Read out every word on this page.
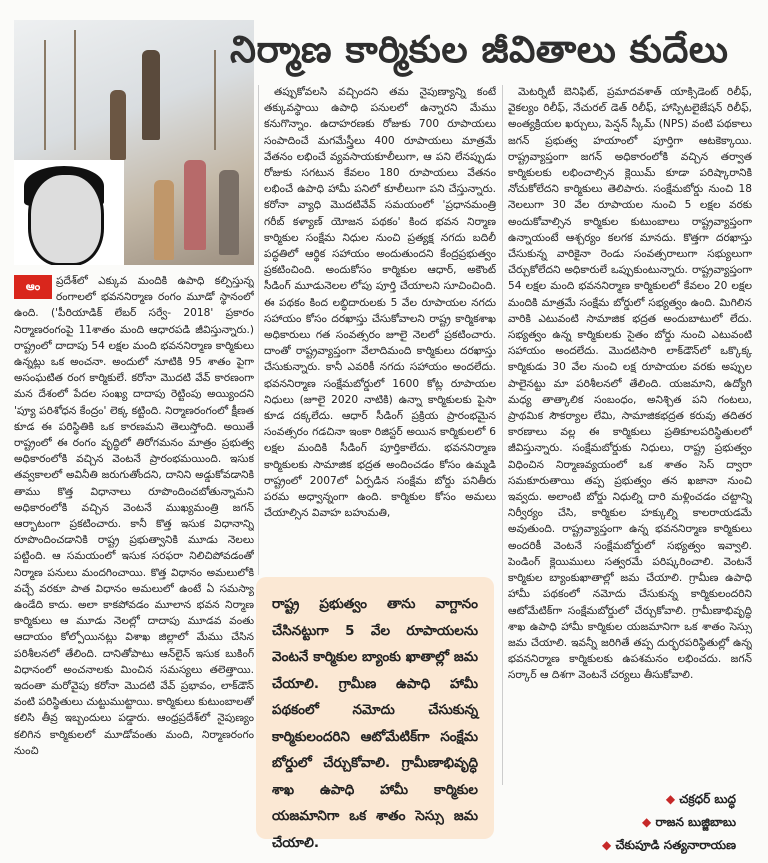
నిర్మాణ కార్మికుల జీవితాలు కుదేలు
ఆం	ప్రదేశ్‌లో ఎక్కువ మందికి ఉపాధి కల్పిస్తున్న రంగాలలో భవననిర్మాణ రంగం మూడో స్థానంలో ఉంది. ('పీరియాడిక్ లేబర్ సర్వే- 2018' ప్రకారం నిర్మాణరంగంపై 11శాతం మంది ఆధారపడి జీవిస్తున్నారు.) రాష్ట్రంలో దాదాపు 54 లక్షల మంది భవననిర్మాణ కార్మికులు ఉన్నట్లు ఒక అంచనా. అందులో నూటికి 95 శాతం పైగా అసంఘటిత రంగ కార్మికులే. కరోనా మొదటి వేవ్ కారణంగా మన దేశంలో పేదల సంఖ్య దాదాపు రెట్టింపు అయ్యిందని 'ప్యూ పరిశోధన కేంద్రం' లెక్క కట్టింది. నిర్మాణరంగంలో క్షీణత కూడ ఈ పరిస్థితికి ఒక కారణమని తెలుస్తోంది. అయితే రాష్ట్రంలో ఈ రంగం వృద్ధిలో తిరోగమనం మాత్రం ప్రభుత్వ అధికారంలోకి వచ్చిన వెంటనే ప్రారంభమయింది. ఇసుక తవ్వకాలలో అవినీతి జరుగుతోందని, దానిని అడ్డుకోవడానికి తాము కొత్త విధానాలు రూపొందించబోతున్నామని అధికారంలోకి వచ్చిన వెంటనే ముఖ్యమంత్రి జగన్ ఆర్భాటంగా ప్రకటించారు. కానీ కొత్త ఇసుక విధానాన్ని రూపొందించడానికి రాష్ట్ర ప్రభుత్వానికి మూడు నెలలు పట్టింది. ఆ సమయంలో ఇసుక సరఫరా నిలిచిపోవడంతో నిర్మాణ పనులు మందగించాయి. కొత్త విధానం అమలులోకి వచ్చే వరకూ పాత విధానం అమలులో ఉంటే ఏ సమస్యా ఉండేది కాదు. అలా కాకపోవడం మూలాన భవన నిర్మాణ కార్మికులు ఆ మూడు నెలల్లో దాదాపు మూడవ వంతు ఆదాయం కోల్పోయినట్లు విశాఖ జిల్లాలో మేము చేసిన పరిశీలనలో తేలింది. దానితోపాటు ఆన్‌లైన్ ఇసుక బుకింగ్ విధానంలో అంచనాలకు మించిన సమస్యలు తలెత్తాయి. ఇదంతా మరోవైపు కరోనా మొదటి వేవ్ ప్రభావం, లాక్‌డౌన్ వంటి పరిస్థితులు చుట్టుముట్టాయి. కార్మికులు కుటుంబాలతో కలిసి తీవ్ర ఇబ్బందులు పడ్డారు. ఆంధ్రప్రదేశ్‌లో నైపుణ్యం కలిగిన కార్మికులలో మూడోవంతు మంది, నిర్మాణరంగం నుంచి

తప్పుకోవలసి వచ్చిందని తమ నైపుణ్యాన్ని కంటే తక్కువస్థాయి ఉపాధి పనులలో ఉన్నారని మేము కనుగొన్నాం. ఉదాహరణకు రోజుకు 700 రూపాయలు సంపాదించే మగమేస్త్రీలు 400 రూపాయలు మాత్రమే వేతనం లభించే వ్యవసాయకూలీలుగా, ఆ పని లేనప్పుడు రోజుకు సగటున కేవలం 180 రూపాయలు వేతనం లభించే ఉపాధి హామీ పనిలో కూలీలుగా పని చేస్తున్నారు. కరోనా వ్యాధి మొదటివేవ్ సమయంలో 'ప్రధానమంత్రి గరీబ్ కళ్యాణ్ యోజన పథకం' కింద భవన నిర్మాణ కార్మికుల సంక్షేమ నిధుల నుంచి ప్రత్యక్ష నగదు బదిలీ పద్ధతిలో ఆర్థిక సహాయం అందుతుందని కేంద్రప్రభుత్వం ప్రకటించింది. అందుకోసం కార్మికుల ఆధార్, అకౌంట్ సీడింగ్ మూడునెలల లోపు పూర్తి చేయాలని సూచించింది. ఈ పథకం కింద లబ్ధిదారులకు 5 వేల రూపాయల నగదు సహాయం కోసం దరఖాస్తు చేసుకోవాలని రాష్ట్ర కార్మికశాఖ అధికారులు గత సంవత్సరం జూలై నెలలో ప్రకటించారు. దాంతో రాష్ట్రవ్యాప్తంగా వేలాదిమంది కార్మికులు దరఖాస్తు చేసుకున్నారు. కానీ ఎవరికీ నగదు సహాయం అందలేదు. భవననిర్మాణ సంక్షేమబోర్డులో 1600 కోట్ల రూపాయల నిధులు (జూలై 2020 నాటికి) ఉన్నా కార్మికులకు పైసా కూడ దక్కలేదు. ఆధార్ సీడింగ్ ప్రక్రియ ప్రారంభమైన సంవత్సరం గడచినా ఇంకా రిజిస్టర్ అయిన కార్మికులలో 6 లక్షల మందికి సీడింగ్ పూర్తికాలేదు. భవననిర్మాణ కార్మికులకు సామాజిక భద్రత అందించడం కోసం ఉమ్మడి రాష్ట్రంలో 2007లో ఏర్పడిన సంక్షేమ బోర్డు పనితీరు పరమ అధ్వాన్నంగా ఉంది. కార్మికుల కోసం అమలు చేయాల్సిన వివాహ బహుమతి,

మెటర్నిటీ బెనిఫిట్, ప్రమాదవశాత్ యాక్సిడెంట్ రిలీఫ్, వైకల్యం రిలీఫ్, నేచురల్ డెత్ రిలీఫ్, హాస్పిటలైజేషన్ రిలీఫ్, అంత్యక్రియల ఖర్చులు, పెన్షన్ స్కీమ్ (NPS) వంటి పథకాలు జగన్ ప్రభుత్వ హయాంలో పూర్తిగా ఆటకెక్కాయి. రాష్ట్రవ్యాప్తంగా జగన్ అధికారంలోకి వచ్చిన తర్వాత కార్మికులకు లభించాల్సిన క్లెయిమ్ కూడా పరిష్కారానికి నోచుకోలేదని కార్మికులు తెలిపారు. సంక్షేమబోర్డు నుంచి 18 నెలలుగా 30 వేల రూపాయల నుంచి 5 లక్షల వరకు అందుకోవాల్సిన కార్మికుల కుటుంబాలు రాష్ట్రవ్యాప్తంగా ఉన్నాయంటే ఆశ్చర్యం కలగక మానదు. కొత్తగా దరఖాస్తు చేసుకున్న వారికైనా రెండు సంవత్సరాలుగా సభ్యులుగా చేర్చుకోలేదని అధికారులే ఒప్పుకుంటున్నారు. రాష్ట్రవ్యాప్తంగా 54 లక్షల మంది భవననిర్మాణ కార్మికులలో కేవలం 20 లక్షల మందికి మాత్రమే సంక్షేమ బోర్డులో సభ్యత్వం ఉంది. మిగిలిన వారికి ఎటువంటి సామాజిక భద్రత అందుబాటులో లేదు. సభ్యత్వం ఉన్న కార్మికులకు సైతం బోర్డు నుంచి ఎటువంటి సహాయం అందలేదు. మొదటిసారి లాక్‌డౌన్‌లో ఒక్కొక్క కార్మికుడు 30 వేల నుంచి లక్ష రూపాయల వరకు అప్పుల పాలైనట్టు మా పరిశీలనలో తేలింది. యజమాని, ఉద్యోగి మధ్య తాత్కాలిక సంబంధం, అనిశ్చిత పని గంటలు, ప్రాథమిక సౌకర్యాల లేమి, సామాజికభద్రత కరువు తదితర కారణాలు వల్ల ఈ కార్మికులు ప్రతికూలపరిస్థితులలో జీవిస్తున్నారు. సంక్షేమబోర్డుకు నిధులు, రాష్ట్ర ప్రభుత్వం విధించిన నిర్మాణవ్యయంలో ఒక శాతం సెస్ ద్వారా సమకూరుతాయి తప్ప ప్రభుత్వం తన ఖజానా నుంచి ఇవ్వదు. అలాంటి బోర్డు నిధుల్ని దారి మళ్లించడం చట్టాన్ని నిర్వీర్యం చేసి, కార్మికుల హక్కుల్ని కాలరాయడమే అవుతుంది. రాష్ట్రవ్యాప్తంగా ఉన్న భవననిర్మాణ కార్మికులు అందరికీ వెంటనే సంక్షేమబోర్డులో సభ్యత్వం ఇవ్వాలి. పెండింగ్ క్లెయిములు సత్వరమే పరిష్కరించాలి. వెంటనే కార్మికుల బ్యాంకుఖాతాల్లో జమ చేయాలి. గ్రామీణ ఉపాధి హామీ పథకంలో నమోదు చేసుకున్న కార్మికులందరిని ఆటోమేటిక్‌గా సంక్షేమబోర్డులో చేర్చుకోవాలి. గ్రామీణాభివృద్ధి శాఖ ఉపాధి హామీ కార్మికుల యజమానిగా ఒక శాతం సెస్సు జమ చేయాలి. ఇవన్నీ జరిగితే తప్ప దుర్భరపరిస్థితుల్లో ఉన్న భవననిర్మాణ కార్మికులకు ఉపశమనం లభించదు. జగన్ సర్కార్ ఆ దిశగా వెంటనే చర్యలు తీసుకోవాలి.

రాష్ట్ర ప్రభుత్వం తాను వాగ్దానం చేసినట్టుగా 5 వేల రూపాయలను వెంటనే కార్మికుల బ్యాంకు ఖాతాల్లో జమ చేయాలి. గ్రామీణ ఉపాధి హామీ పథకంలో నమోదు చేసుకున్న కార్మికులందరిని ఆటోమేటిక్‌గా సంక్షేమ బోర్డులో చేర్చుకోవాలి. గ్రామీణాభివృద్ధి శాఖ ఉపాధి హామీ కార్మికుల యజమానిగా ఒక శాతం సెస్సు జమ చేయాలి.
◆ చక్రధర్ బుద్ధ
◆ రాజన బుజ్జిబాబు
◆ చేకుపూడి సత్యనారాయణ
